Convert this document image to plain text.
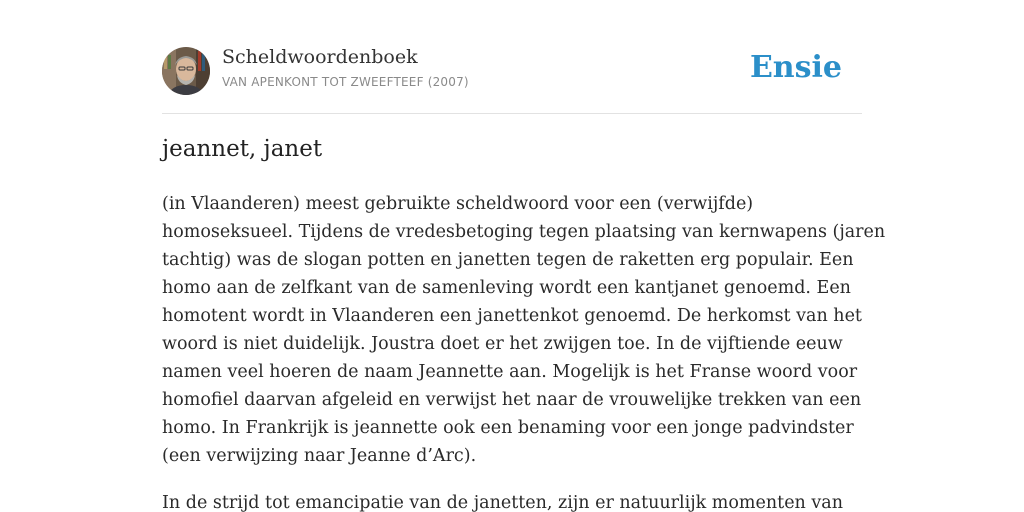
Scheldwoordenboek
VAN APENKONT TOT ZWEEFTEEF (2007)	Ensie
jeannet, janet
(in Vlaanderen) meest gebruikte scheldwoord voor een (verwijfde)
homoseksueel. Tijdens de vredesbetoging tegen plaatsing van kernwapens (jaren
tachtig) was de slogan potten en janetten tegen de raketten erg populair. Een
homo aan de zelfkant van de samenleving wordt een kantjanet genoemd. Een
homotent wordt in Vlaanderen een janettenkot genoemd. De herkomst van het
woord is niet duidelijk. Joustra doet er het zwijgen toe. In de vijftiende eeuw
namen veel hoeren de naam Jeannette aan. Mogelijk is het Franse woord voor
homofiel daarvan afgeleid en verwijst het naar de vrouwelijke trekken van een
homo. In Frankrijk is jeannette ook een benaming voor een jonge padvindster
(een verwijzing naar Jeanne d’Arc).
In de strijd tot emancipatie van de janetten, zijn er natuurlijk momenten van
